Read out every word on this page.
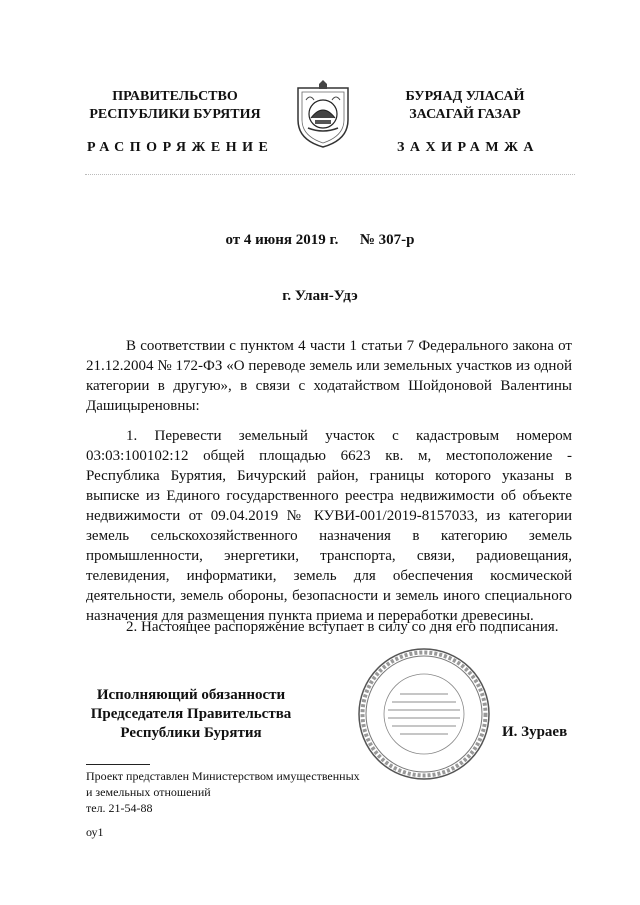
ПРАВИТЕЛЬСТВО
РЕСПУБЛИКИ БУРЯТИЯ
БУРЯАД УЛАСАЙ
ЗАСАГАЙ ГАЗАР
РАСПОРЯЖЕНИЕ	ЗАХИРАМЖА
от 4 июня 2019 г. № 307-р
г. Улан-Удэ
В соответствии с пунктом 4 части 1 статьи 7 Федерального закона от 21.12.2004 № 172-ФЗ «О переводе земель или земельных участков из одной категории в другую», в связи с ходатайством Шойдоновой Валентины Дашицыреновны:
1. Перевести земельный участок с кадастровым номером 03:03:100102:12 общей площадью 6623 кв. м, местоположение - Республика Бурятия, Бичурский район, границы которого указаны в выписке из Единого государственного реестра недвижимости об объекте недвижимости от 09.04.2019 № КУВИ-001/2019-8157033, из категории земель сельскохозяйственного назначения в категорию земель промышленности, энергетики, транспорта, связи, радиовещания, телевидения, информатики, земель для обеспечения космической деятельности, земель обороны, безопасности и земель иного специального назначения для размещения пункта приема и переработки древесины.
2. Настоящее распоряжение вступает в силу со дня его подписания.
Исполняющий обязанности
Председателя Правительства
Республики Бурятия	И. Зураев
Проект представлен Министерством имущественных
и земельных отношений
тел. 21-54-88
оу1
